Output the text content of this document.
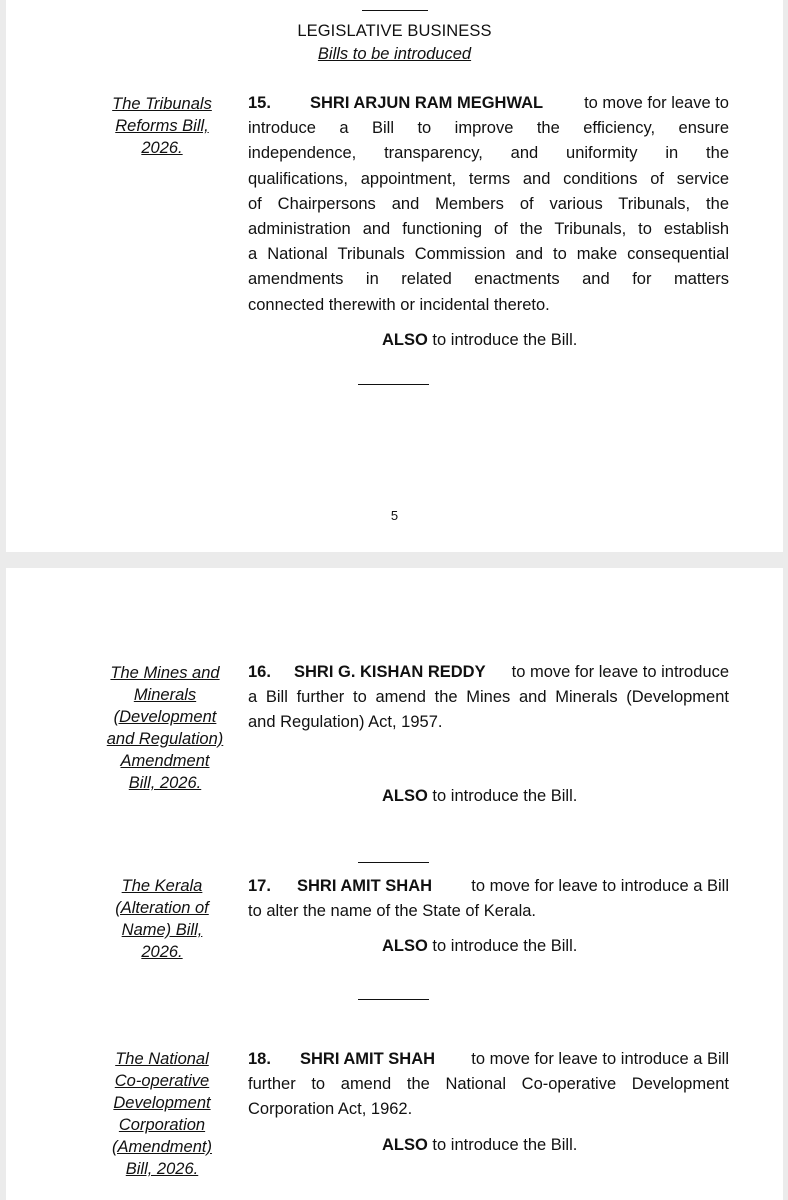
LEGISLATIVE BUSINESS
Bills to be introduced
The Tribunals
Reforms Bill,
2026.
15. SHRI ARJUN RAM MEGHWAL to move for leave to
introduce a Bill to improve the efficiency, ensure
independence, transparency, and uniformity in the
qualifications, appointment, terms and conditions of service
of Chairpersons and Members of various Tribunals, the
administration and functioning of the Tribunals, to establish
a National Tribunals Commission and to make consequential
amendments in related enactments and for matters
connected therewith or incidental thereto.
ALSO to introduce the Bill.
5
The Mines and
Minerals
(Development
and Regulation)
Amendment
Bill, 2026.
16. SHRI G. KISHAN REDDY to move for leave to introduce
a Bill further to amend the Mines and Minerals (Development
and Regulation) Act, 1957.
ALSO to introduce the Bill.
The Kerala
(Alteration of
Name) Bill,
2026.
17. SHRI AMIT SHAH to move for leave to introduce a Bill
to alter the name of the State of Kerala.
ALSO to introduce the Bill.
The National
Co-operative
Development
Corporation
(Amendment)
Bill, 2026.
18. SHRI AMIT SHAH to move for leave to introduce a Bill
further to amend the National Co-operative Development
Corporation Act, 1962.
ALSO to introduce the Bill.
